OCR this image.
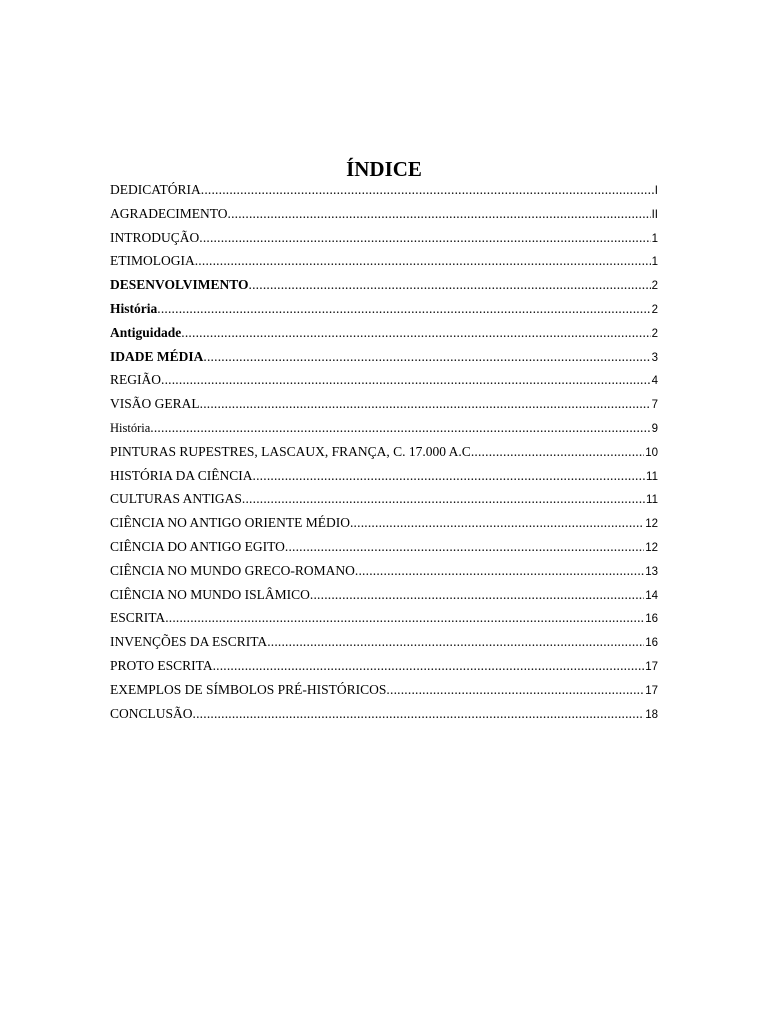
ÍNDICE
DEDICATÓRIA .....	I
AGRADECIMENTO .....	II
INTRODUÇÃO .....	1
ETIMOLOGIA .....	1
DESENVOLVIMENTO .....	2
História .....	2
Antiguidade .....	2
IDADE MÉDIA .....	3
REGIÃO .....	4
VISÃO GERAL .....	7
História .....	9
PINTURAS RUPESTRES, LASCAUX, FRANÇA, C. 17.000 A.C .....	10
HISTÓRIA DA CIÊNCIA .....	11
CULTURAS ANTIGAS .....	11
CIÊNCIA NO ANTIGO ORIENTE MÉDIO .....	12
CIÊNCIA DO ANTIGO EGITO .....	12
CIÊNCIA NO MUNDO GRECO-ROMANO .....	13
CIÊNCIA NO MUNDO ISLÂMICO .....	14
ESCRITA .....	16
INVENÇÕES DA ESCRITA .....	16
PROTO ESCRITA .....	17
EXEMPLOS DE SÍMBOLOS PRÉ-HISTÓRICOS .....	17
CONCLUSÃO .....	18
